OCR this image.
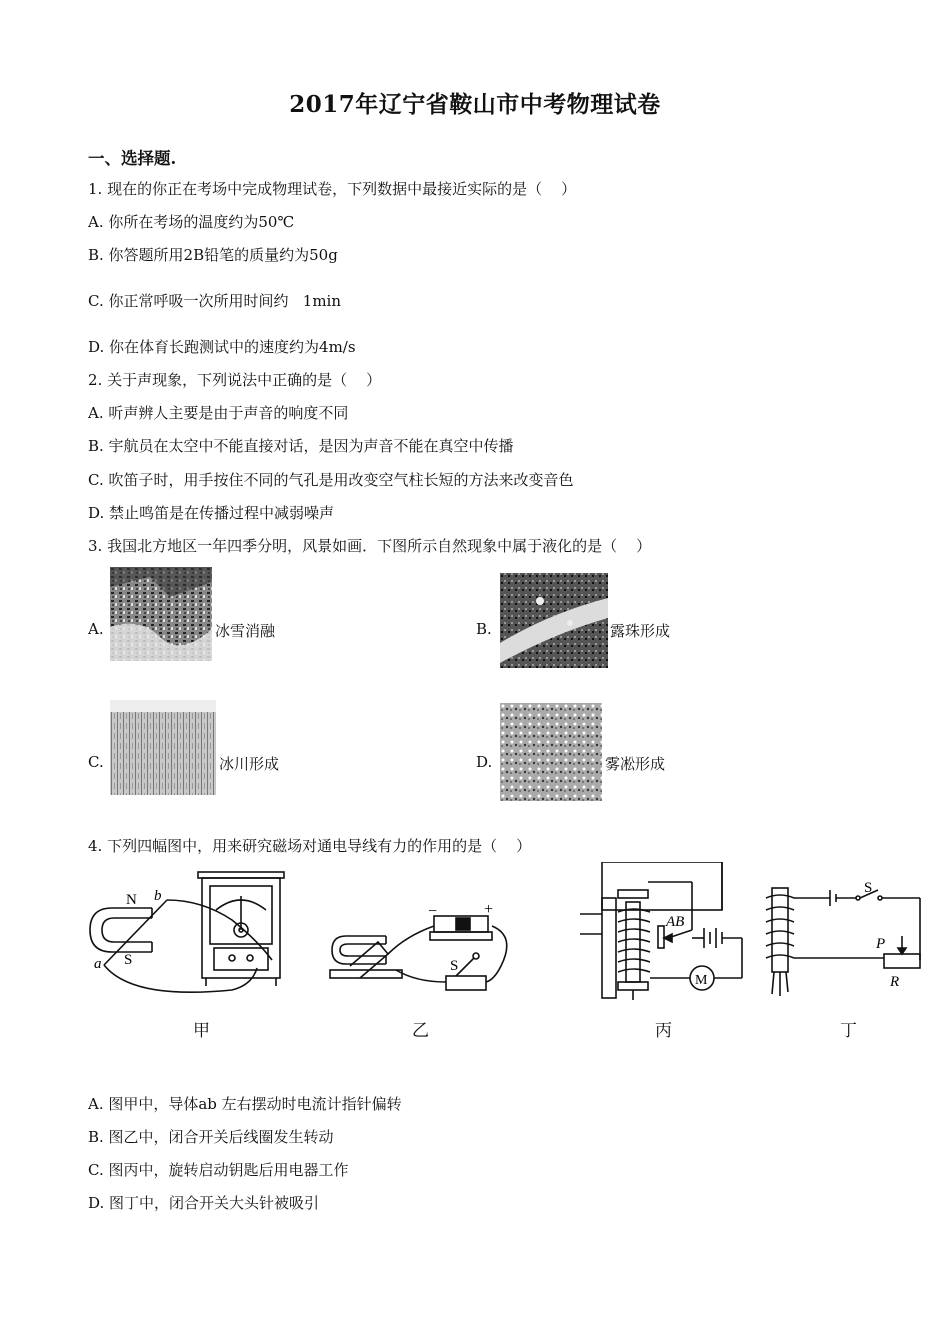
2017年辽宁省鞍山市中考物理试卷
一、选择题.
1. 现在的你正在考场中完成物理试卷，下列数据中最接近实际的是（    ）
A. 你所在考场的温度约为50℃
B. 你答题所用2B铅笔的质量约为50g
C. 你正常呼吸一次所用时间约   1min
D. 你在体育长跑测试中的速度约为4m/s
2. 关于声现象，下列说法中正确的是（    ）
A. 听声辨人主要是由于声音的响度不同
B. 宇航员在太空中不能直接对话，是因为声音不能在真空中传播
C. 吹笛子时，用手按住不同的气孔是用改变空气柱长短的方法来改变音色
D. 禁止鸣笛是在传播过程中减弱噪声
3. 我国北方地区一年四季分明，风景如画．下图所示自然现象中属于液化的是（    ）
A.	冰雪消融	B.	露珠形成
C.	冰川形成	D.	雾凇形成
4. 下列四幅图中，用来研究磁场对通电导线有力的作用的是（    ）
N b
a S
甲
−	+
S
乙
AB
M
丙
S
P
R
丁
A. 图甲中，导体ab 左右摆动时电流计指针偏转
B. 图乙中，闭合开关后线圈发生转动
C. 图丙中，旋转启动钥匙后用电器工作
D. 图丁中，闭合开关大头针被吸引
